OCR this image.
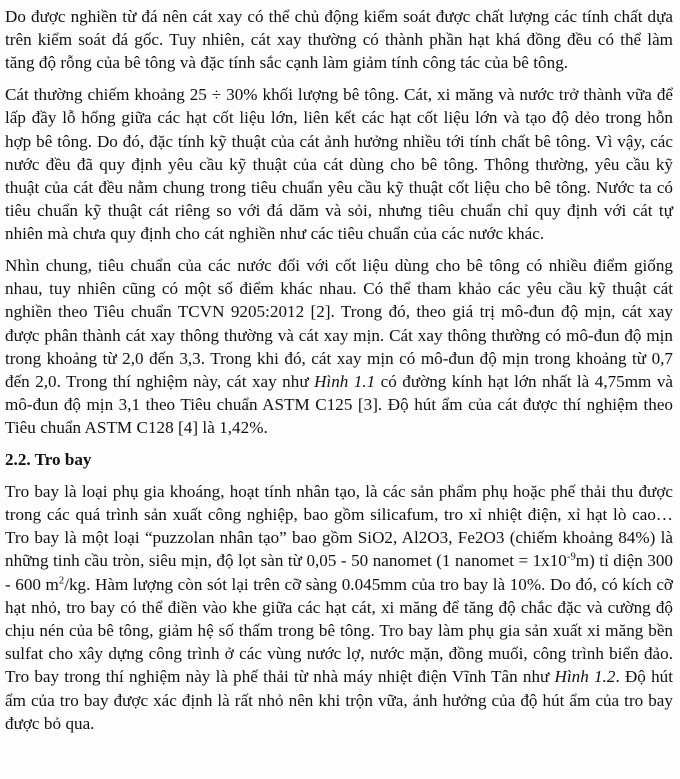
Do được nghiền từ đá nên cát xay có thể chủ động kiểm soát được chất lượng các tính chất dựa trên kiểm soát đá gốc. Tuy nhiên, cát xay thường có thành phần hạt khá đồng đều có thể làm tăng độ rỗng của bê tông và đặc tính sắc cạnh làm giảm tính công tác của bê tông.

Cát thường chiếm khoảng 25 ÷ 30% khối lượng bê tông. Cát, xi măng và nước trở thành vữa để lấp đầy lỗ hổng giữa các hạt cốt liệu lớn, liên kết các hạt cốt liệu lớn và tạo độ dẻo trong hỗn hợp bê tông. Do đó, đặc tính kỹ thuật của cát ảnh hưởng nhiều tới tính chất bê tông. Vì vậy, các nước đều đã quy định yêu cầu kỹ thuật của cát dùng cho bê tông. Thông thường, yêu cầu kỹ thuật của cát đều nằm chung trong tiêu chuẩn yêu cầu kỹ thuật cốt liệu cho bê tông. Nước ta có tiêu chuẩn kỹ thuật cát riêng so với đá dăm và sỏi, nhưng tiêu chuẩn chỉ quy định với cát tự nhiên mà chưa quy định cho cát nghiền như các tiêu chuẩn của các nước khác.

Nhìn chung, tiêu chuẩn của các nước đối với cốt liệu dùng cho bê tông có nhiều điểm giống nhau, tuy nhiên cũng có một số điểm khác nhau. Có thể tham khảo các yêu cầu kỹ thuật cát nghiền theo Tiêu chuẩn TCVN 9205:2012 [2]. Trong đó, theo giá trị mô-đun độ mịn, cát xay được phân thành cát xay thông thường và cát xay mịn. Cát xay thông thường có mô-đun độ mịn trong khoảng từ 2,0 đến 3,3. Trong khi đó, cát xay mịn có mô-đun độ mịn trong khoảng từ 0,7 đến 2,0. Trong thí nghiệm này, cát xay như Hình 1.1 có đường kính hạt lớn nhất là 4,75mm và mô-đun độ mịn 3,1 theo Tiêu chuẩn ASTM C125 [3]. Độ hút ẩm của cát được thí nghiệm theo Tiêu chuẩn ASTM C128 [4] là 1,42%.

2.2. Tro bay

Tro bay là loại phụ gia khoáng, hoạt tính nhân tạo, là các sản phẩm phụ hoặc phế thải thu được trong các quá trình sản xuất công nghiệp, bao gồm silicafum, tro xỉ nhiệt điện, xỉ hạt lò cao… Tro bay là một loại “puzzolan nhân tạo” bao gồm SiO2, Al2O3, Fe2O3 (chiếm khoảng 84%) là những tinh cầu tròn, siêu mịn, độ lọt sàn từ 0,05 - 50 nanomet (1 nanomet = $1x10^{-9}m$) tỉ diện 300 - 600 $m^2/kg$. Hàm lượng còn sót lại trên cỡ sàng 0.045mm của tro bay là 10%. Do đó, có kích cỡ hạt nhỏ, tro bay có thể điền vào khe giữa các hạt cát, xi măng để tăng độ chắc đặc và cường độ chịu nén của bê tông, giảm hệ số thấm trong bê tông. Tro bay làm phụ gia sản xuất xi măng bền sulfat cho xây dựng công trình ở các vùng nước lợ, nước mặn, đồng muối, công trình biển đảo. Tro bay trong thí nghiệm này là phế thải từ nhà máy nhiệt điện Vĩnh Tân như Hình 1.2. Độ hút ẩm của tro bay được xác định là rất nhỏ nên khi trộn vữa, ảnh hưởng của độ hút ẩm của tro bay được bỏ qua.
